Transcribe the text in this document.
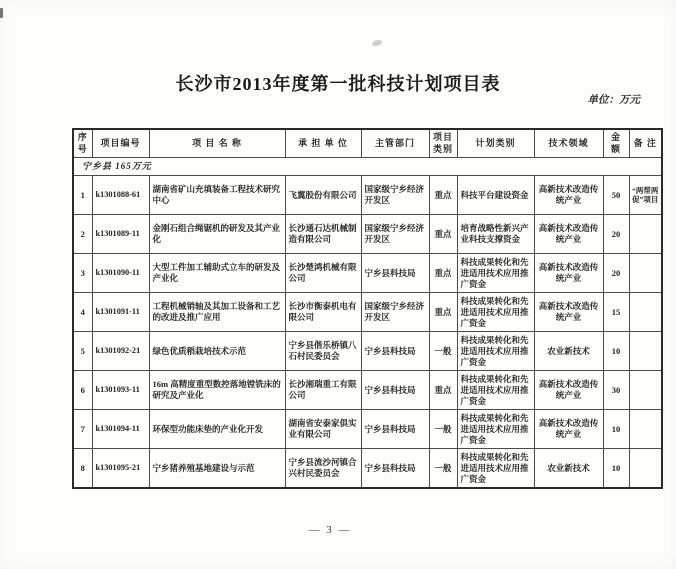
长沙市2013年度第一批科技计划项目表
单位：万元
序号	项目编号	项 目 名 称	承 担 单 位	主管部门	项目类别	计划类别	技术领域	金额	备 注
宁乡县 165万元									
1	k1301088-61	湖南省矿山充填装备工程技术研究中心	飞翼股份有限公司	国家级宁乡经济开发区	重点	科技平台建设资金	高新技术改造传统产业	50	“两帮两促”项目
2	k1301089-11	金刚石组合绳锯机的研发及其产业化	长沙通石达机械制造有限公司	国家级宁乡经济开发区	重点	培育战略性新兴产业科技支撑资金	高新技术改造传统产业	20	
3	k1301090-11	大型工件加工辅助式立车的研发及产业化	长沙楚鸿机械有限公司	宁乡县科技局	重点	科技成果转化和先进适用技术应用推广资金	高新技术改造传统产业	20	
4	k1301091-11	工程机械销轴及其加工设备和工艺的改进及推广应用	长沙市衡泰机电有限公司	国家级宁乡经济开发区	重点	科技成果转化和先进适用技术应用推广资金	高新技术改造传统产业	15	
5	k1301092-21	绿色优质稻栽培技术示范	宁乡县偕乐桥镇八石村民委员会	宁乡县科技局	一般	科技成果转化和先进适用技术应用推广资金	农业新技术	10	
6	k1301093-11	16m 高精度重型数控落地镗铣床的研究及产业化	长沙湘瑞重工有限公司	宁乡县科技局	重点	科技成果转化和先进适用技术应用推广资金	高新技术改造传统产业	30	
7	k1301094-11	环保型功能床垫的产业化开发	湖南省安泰家俱实业有限公司	宁乡县科技局	一般	科技成果转化和先进适用技术应用推广资金	高新技术改造传统产业	10	
8	k1301095-21	宁乡猪养殖基地建设与示范	宁乡县流沙河镇合兴村民委员会	宁乡县科技局	一般	科技成果转化和先进适用技术应用推广资金	农业新技术	10	
— 3 —
